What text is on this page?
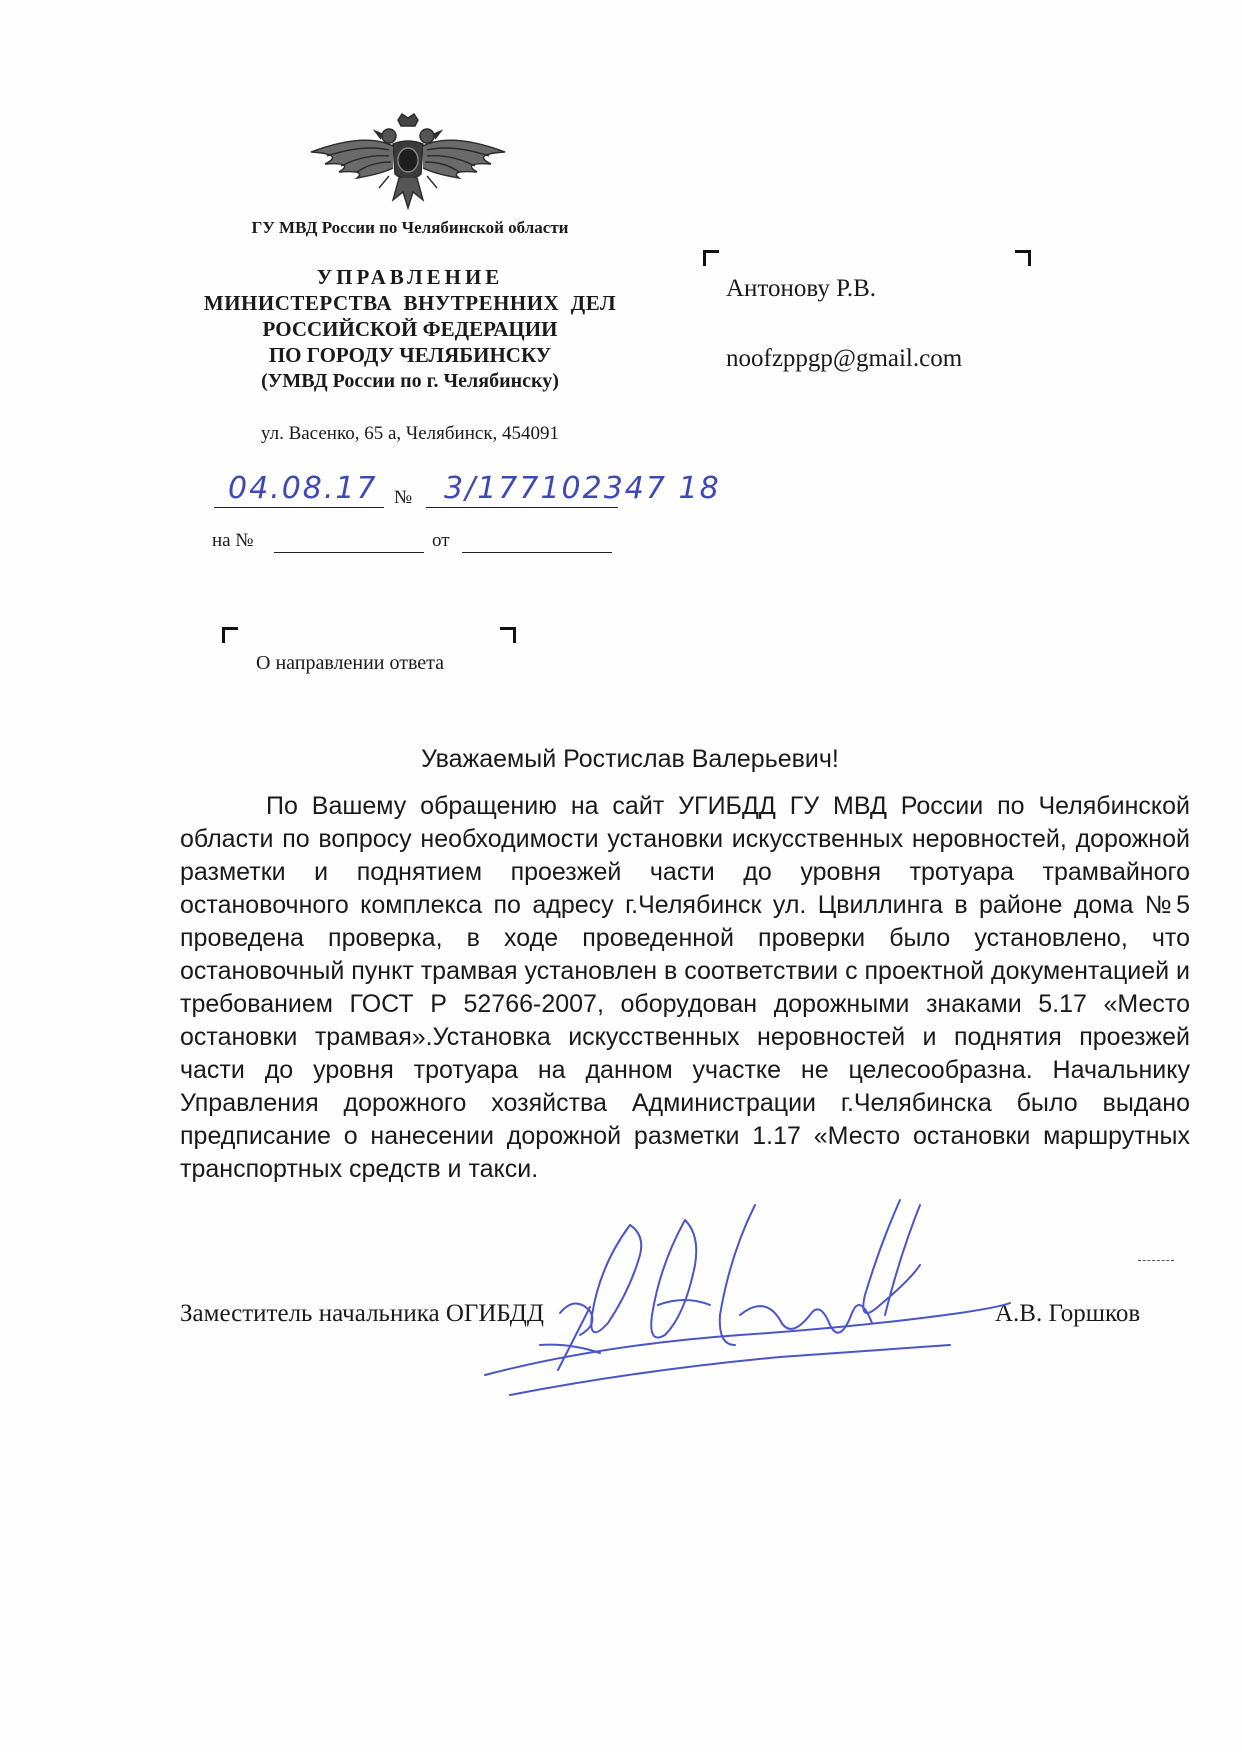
ГУ МВД России по Челябинской области
УПРАВЛЕНИЕ
МИНИСТЕРСТВА  ВНУТРЕННИХ  ДЕЛ
РОССИЙСКОЙ ФЕДЕРАЦИИ
ПО ГОРОДУ ЧЕЛЯБИНСКУ
(УМВД России по г. Челябинску)
ул. Васенко, 65 а, Челябинск, 454091
04.08.17 № 3/177102347 18
на №	от
Антонову Р.В.
noofzppgp@gmail.com
О направлении ответа
Уважаемый Ростислав Валерьевич!
По Вашему обращению на сайт УГИБДД ГУ МВД России по Челябинской области по вопросу необходимости установки искусственных неровностей, дорожной разметки и поднятием проезжей части до уровня тротуара трамвайного остановочного комплекса по адресу г.Челябинск ул. Цвиллинга в районе дома №5 проведена проверка, в ходе проведенной проверки было установлено, что остановочный пункт трамвая установлен в соответствии с проектной документацией и требованием ГОСТ Р 52766-2007, оборудован дорожными знаками 5.17 «Место остановки трамвая».Установка искусственных неровностей и поднятия проезжей части до уровня тротуара на данном участке не целесообразна. Начальнику Управления дорожного хозяйства Администрации г.Челябинска было выдано предписание о нанесении дорожной разметки 1.17 «Место остановки маршрутных транспортных средств и такси.
Заместитель начальника ОГИБДД	А.В. Горшков
